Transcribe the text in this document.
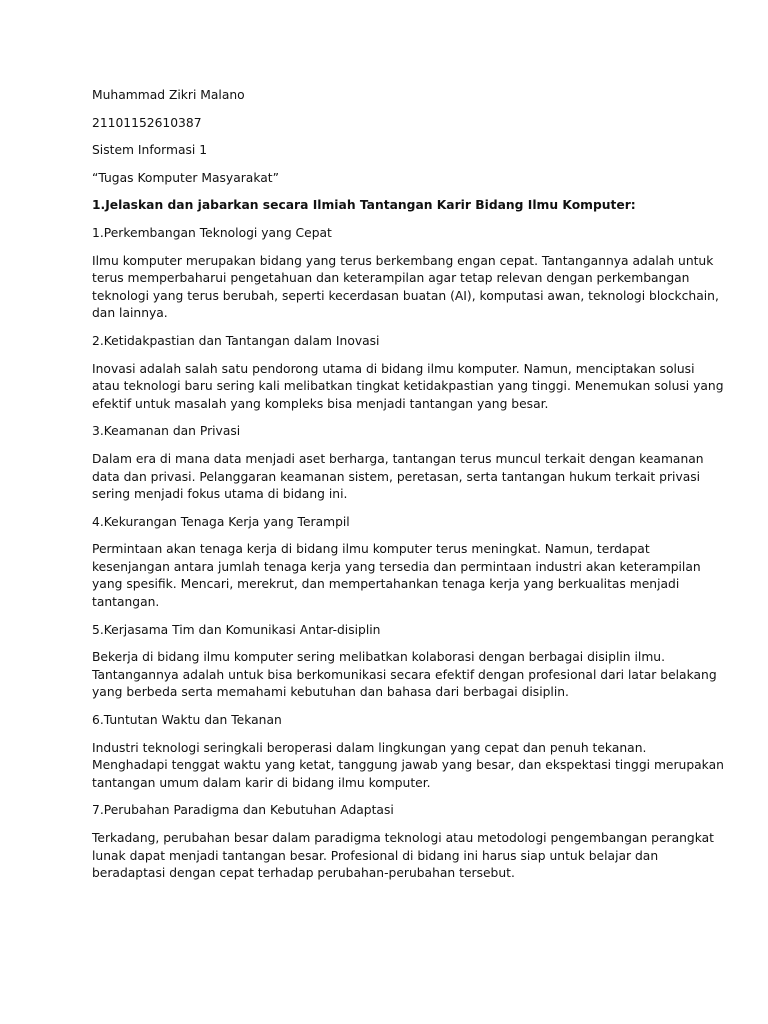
Muhammad Zikri Malano
21101152610387
Sistem Informasi 1
“Tugas Komputer Masyarakat”
1.Jelaskan dan jabarkan secara Ilmiah Tantangan Karir Bidang Ilmu Komputer:
1.Perkembangan Teknologi yang Cepat
Ilmu komputer merupakan bidang yang terus berkembang engan cepat. Tantangannya adalah untuk
terus memperbaharui pengetahuan dan keterampilan agar tetap relevan dengan perkembangan
teknologi yang terus berubah, seperti kecerdasan buatan (AI), komputasi awan, teknologi blockchain,
dan lainnya.
2.Ketidakpastian dan Tantangan dalam Inovasi
Inovasi adalah salah satu pendorong utama di bidang ilmu komputer. Namun, menciptakan solusi
atau teknologi baru sering kali melibatkan tingkat ketidakpastian yang tinggi. Menemukan solusi yang
efektif untuk masalah yang kompleks bisa menjadi tantangan yang besar.
3.Keamanan dan Privasi
Dalam era di mana data menjadi aset berharga, tantangan terus muncul terkait dengan keamanan
data dan privasi. Pelanggaran keamanan sistem, peretasan, serta tantangan hukum terkait privasi
sering menjadi fokus utama di bidang ini.
4.Kekurangan Tenaga Kerja yang Terampil
Permintaan akan tenaga kerja di bidang ilmu komputer terus meningkat. Namun, terdapat
kesenjangan antara jumlah tenaga kerja yang tersedia dan permintaan industri akan keterampilan
yang spesifik. Mencari, merekrut, dan mempertahankan tenaga kerja yang berkualitas menjadi
tantangan.
5.Kerjasama Tim dan Komunikasi Antar-disiplin
Bekerja di bidang ilmu komputer sering melibatkan kolaborasi dengan berbagai disiplin ilmu.
Tantangannya adalah untuk bisa berkomunikasi secara efektif dengan profesional dari latar belakang
yang berbeda serta memahami kebutuhan dan bahasa dari berbagai disiplin.
6.Tuntutan Waktu dan Tekanan
Industri teknologi seringkali beroperasi dalam lingkungan yang cepat dan penuh tekanan.
Menghadapi tenggat waktu yang ketat, tanggung jawab yang besar, dan ekspektasi tinggi merupakan
tantangan umum dalam karir di bidang ilmu komputer.
7.Perubahan Paradigma dan Kebutuhan Adaptasi
Terkadang, perubahan besar dalam paradigma teknologi atau metodologi pengembangan perangkat
lunak dapat menjadi tantangan besar. Profesional di bidang ini harus siap untuk belajar dan
beradaptasi dengan cepat terhadap perubahan-perubahan tersebut.
